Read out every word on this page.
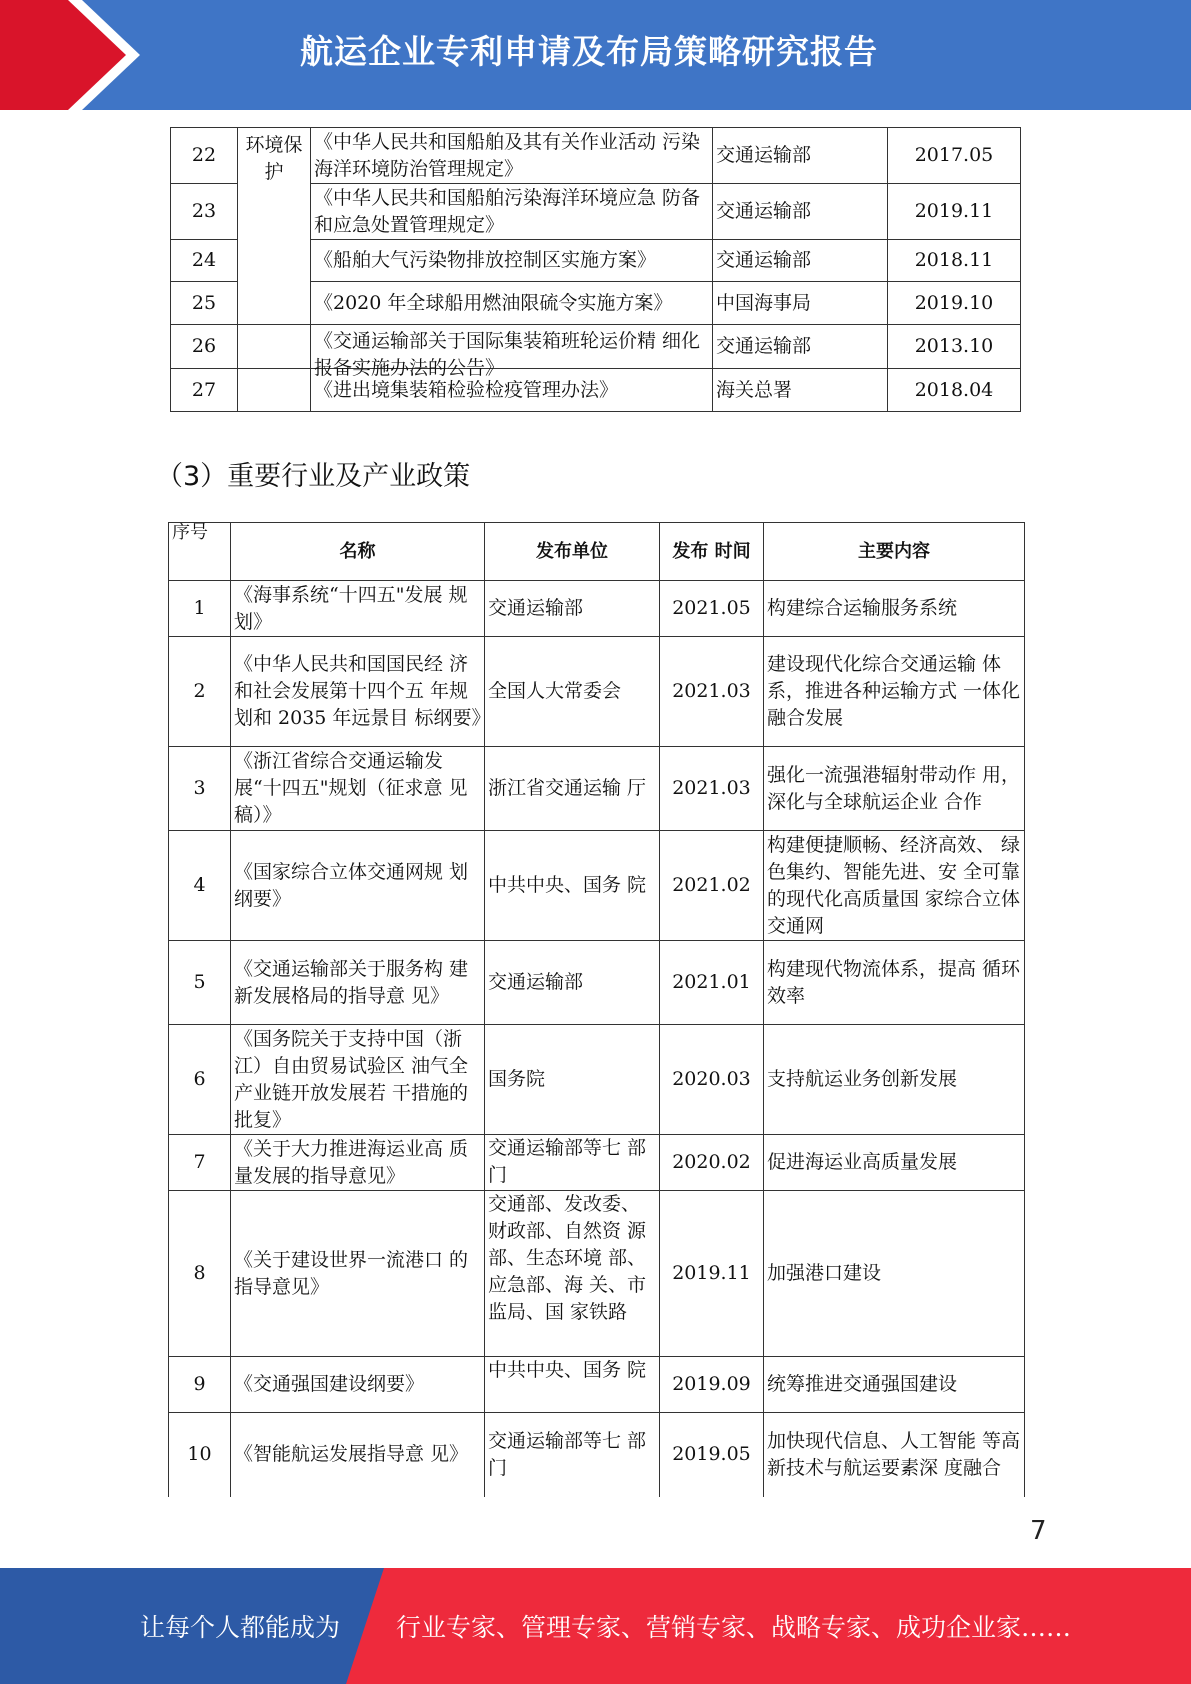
航运企业专利申请及布局策略研究报告
22	环境保护	《中华人民共和国船舶及其有关作业活动 污染海洋环境防治管理规定》	交通运输部	2017.05
23		《中华人民共和国船舶污染海洋环境应急 防备和应急处置管理规定》	交通运输部	2019.11
24		《船舶大气污染物排放控制区实施方案》	交通运输部	2018.11
25		《2020 年全球船用燃油限硫令实施方案》	中国海事局	2019.10
26		《交通运输部关于国际集装箱班轮运价精 细化报备实施办法的公告》	交通运输部	2013.10
27		《进出境集装箱检验检疫管理办法》	海关总署	2018.04
（3）重要行业及产业政策
序号	名称	发布单位	发布 时间	主要内容
1	《海事系统“十四五"发展 规划》	交通运输部	2021.05	构建综合运输服务系统
2	《中华人民共和国国民经 济和社会发展第十四个五 年规划和 2035 年远景目 标纲要》	全国人大常委会	2021.03	建设现代化综合交通运输 体系，推进各种运输方式 一体化融合发展
3	《浙江省综合交通运输发 展“十四五"规划（征求意 见稿）》	浙江省交通运输 厅	2021.03	强化一流强港辐射带动作 用，深化与全球航运企业 合作
4	《国家综合立体交通网规 划纲要》	中共中央、国务 院	2021.02	构建便捷顺畅、经济高效、 绿色集约、智能先进、安 全可靠的现代化高质量国 家综合立体交通网
5	《交通运输部关于服务构 建新发展格局的指导意 见》	交通运输部	2021.01	构建现代物流体系，提高 循环效率
6	《国务院关于支持中国（浙江）自由贸易试验区 油气全产业链开放发展若 干措施的批复》	国务院	2020.03	支持航运业务创新发展
7	《关于大力推进海运业高 质量发展的指导意见》	交通运输部等七 部门	2020.02	促进海运业高质量发展
8	《关于建设世界一流港口 的指导意见》	交通部、发改委、财政部、自然资 源部、生态环境 部、应急部、海 关、市监局、国 家铁路	2019.11	加强港口建设
9	《交通强国建设纲要》	中共中央、国务 院	2019.09	统筹推进交通强国建设
10	《智能航运发展指导意 见》	交通运输部等七 部门	2019.05	加快现代信息、人工智能 等高新技术与航运要素深 度融合
7
让每个人都能成为 行业专家、管理专家、营销专家、战略专家、成功企业家……
